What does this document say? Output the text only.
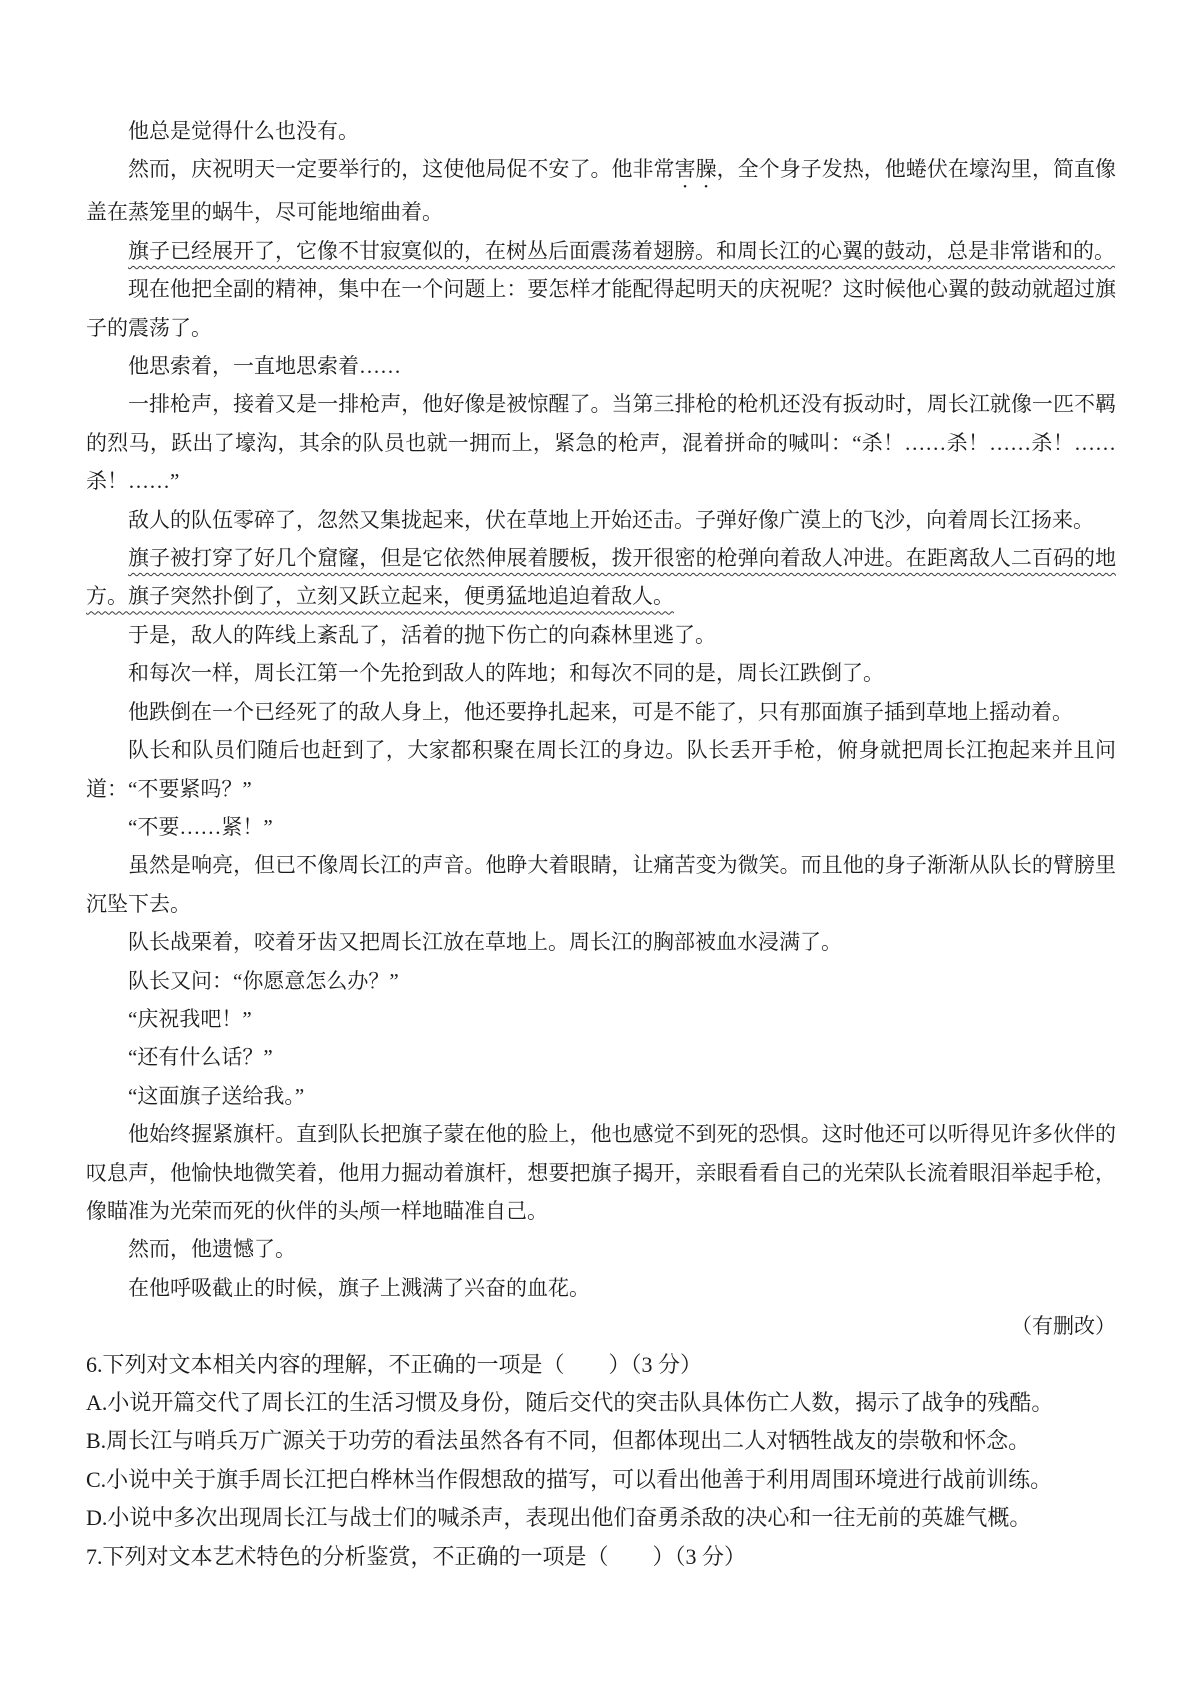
他总是觉得什么也没有。

然而，庆祝明天一定要举行的，这使他局促不安了。他非常害臊，全个身子发热，他蜷伏在壕沟里，简直像盖在蒸笼里的蜗牛，尽可能地缩曲着。

旗子已经展开了，它像不甘寂寞似的，在树丛后面震荡着翅膀。和周长江的心翼的鼓动，总是非常谐和的。

现在他把全副的精神，集中在一个问题上：要怎样才能配得起明天的庆祝呢？这时候他心翼的鼓动就超过旗子的震荡了。

他思索着，一直地思索着……

一排枪声，接着又是一排枪声，他好像是被惊醒了。当第三排枪的枪机还没有扳动时，周长江就像一匹不羁的烈马，跃出了壕沟，其余的队员也就一拥而上，紧急的枪声，混着拼命的喊叫：“杀！……杀！……杀！……杀！……”

敌人的队伍零碎了，忽然又集拢起来，伏在草地上开始还击。子弹好像广漠上的飞沙，向着周长江扬来。

旗子被打穿了好几个窟窿，但是它依然伸展着腰板，拨开很密的枪弹向着敌人冲进。在距离敌人二百码的地方。旗子突然扑倒了，立刻又跃立起来，便勇猛地追迫着敌人。

于是，敌人的阵线上紊乱了，活着的抛下伤亡的向森林里逃了。

和每次一样，周长江第一个先抢到敌人的阵地；和每次不同的是，周长江跌倒了。

他跌倒在一个已经死了的敌人身上，他还要挣扎起来，可是不能了，只有那面旗子插到草地上摇动着。

队长和队员们随后也赶到了，大家都积聚在周长江的身边。队长丢开手枪，俯身就把周长江抱起来并且问道：“不要紧吗？”

“不要……紧！”

虽然是响亮，但已不像周长江的声音。他睁大着眼睛，让痛苦变为微笑。而且他的身子渐渐从队长的臂膀里沉坠下去。

队长战栗着，咬着牙齿又把周长江放在草地上。周长江的胸部被血水浸满了。

队长又问：“你愿意怎么办？”

“庆祝我吧！”

“还有什么话？”

“这面旗子送给我。”

他始终握紧旗杆。直到队长把旗子蒙在他的脸上，他也感觉不到死的恐惧。这时他还可以听得见许多伙伴的叹息声，他愉快地微笑着，他用力掘动着旗杆，想要把旗子揭开，亲眼看看自己的光荣队长流着眼泪举起手枪，像瞄准为光荣而死的伙伴的头颅一样地瞄准自己。

然而，他遗憾了。

在他呼吸截止的时候，旗子上溅满了兴奋的血花。

（有删改）

6.下列对文本相关内容的理解，不正确的一项是（　　）（3 分）

A.小说开篇交代了周长江的生活习惯及身份，随后交代的突击队具体伤亡人数，揭示了战争的残酷。

B.周长江与哨兵万广源关于功劳的看法虽然各有不同，但都体现出二人对牺牲战友的崇敬和怀念。

C.小说中关于旗手周长江把白桦林当作假想敌的描写，可以看出他善于利用周围环境进行战前训练。

D.小说中多次出现周长江与战士们的喊杀声，表现出他们奋勇杀敌的决心和一往无前的英雄气概。

7.下列对文本艺术特色的分析鉴赏，不正确的一项是（　　）（3 分）
